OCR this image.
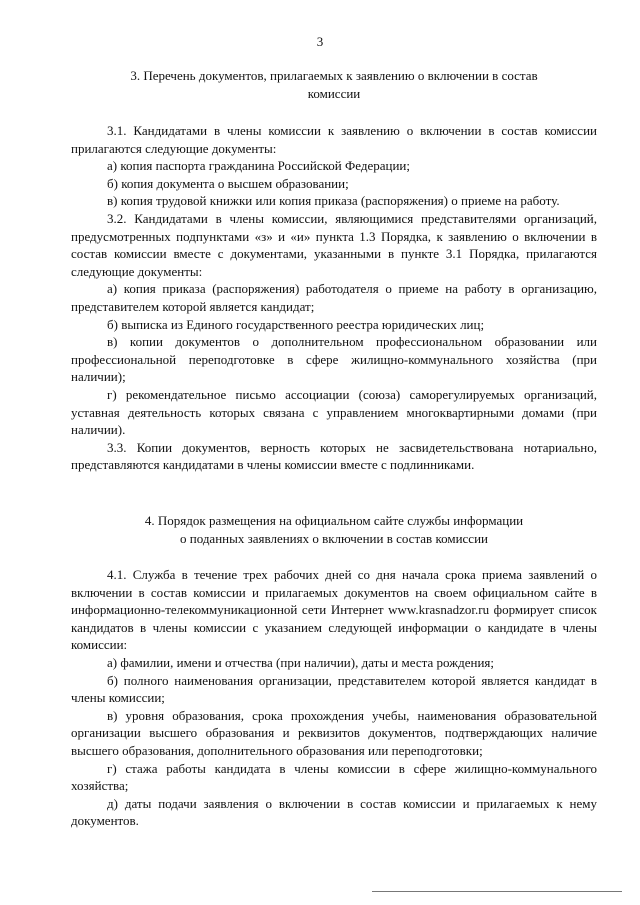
3
3. Перечень документов, прилагаемых к заявлению о включении в состав
комиссии

3.1. Кандидатами в члены комиссии к заявлению о включении в состав комиссии прилагаются следующие документы:

а) копия паспорта гражданина Российской Федерации;

б) копия документа о высшем образовании;

в) копия трудовой книжки или копия приказа (распоряжения) о приеме на работу.

3.2. Кандидатами в члены комиссии, являющимися представителями организаций, предусмотренных подпунктами «з» и «и» пункта 1.3 Порядка, к заявлению о включении в состав комиссии вместе с документами, указанными в пункте 3.1 Порядка, прилагаются следующие документы:

а) копия приказа (распоряжения) работодателя о приеме на работу в организацию, представителем которой является кандидат;

б) выписка из Единого государственного реестра юридических лиц;

в) копии документов о дополнительном профессиональном образовании или профессиональной переподготовке в сфере жилищно-коммунального хозяйства (при наличии);

г) рекомендательное письмо ассоциации (союза) саморегулируемых организаций, уставная деятельность которых связана с управлением многоквартирными домами (при наличии).

3.3. Копии документов, верность которых не засвидетельствована нотариально, представляются кандидатами в члены комиссии вместе с подлинниками.

4. Порядок размещения на официальном сайте службы информации
о поданных заявлениях о включении в состав комиссии

4.1. Служба в течение трех рабочих дней со дня начала срока приема заявлений о включении в состав комиссии и прилагаемых документов на своем официальном сайте в информационно-телекоммуникационной сети Интернет www.krasnadzor.ru формирует список кандидатов в члены комиссии с указанием следующей информации о кандидате в члены комиссии:

а) фамилии, имени и отчества (при наличии), даты и места рождения;

б) полного наименования организации, представителем которой является кандидат в члены комиссии;

в) уровня образования, срока прохождения учебы, наименования образовательной организации высшего образования и реквизитов документов, подтверждающих наличие высшего образования, дополнительного образования или переподготовки;

г) стажа работы кандидата в члены комиссии в сфере жилищно-коммунального хозяйства;

д) даты подачи заявления о включении в состав комиссии и прилагаемых к нему документов.
